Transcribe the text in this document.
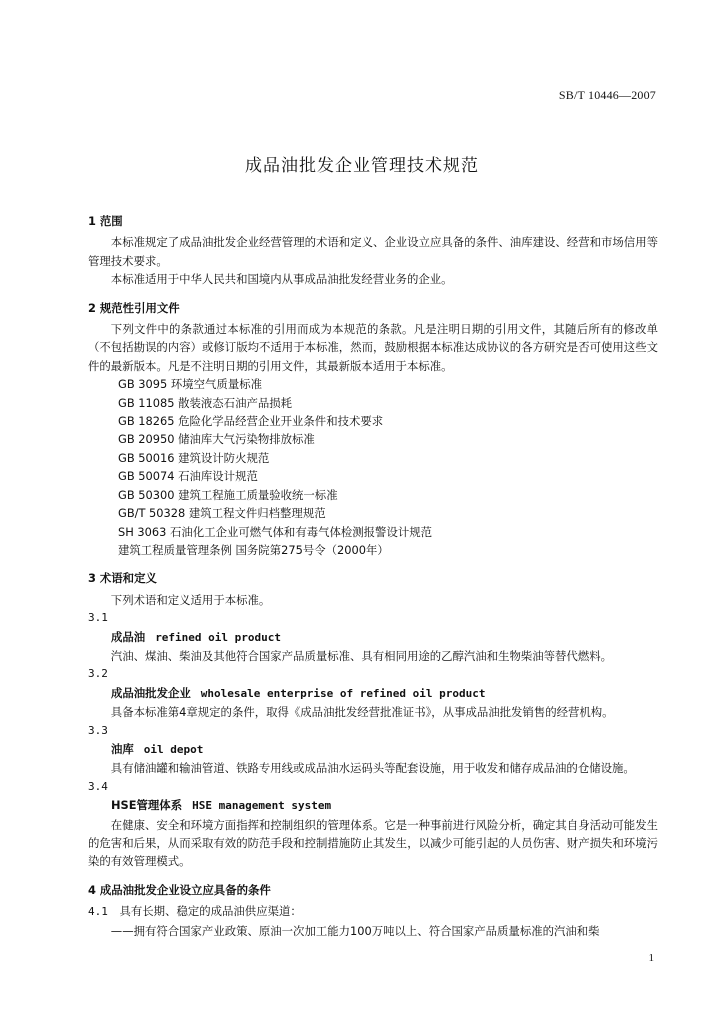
SB/T 10446—2007
成品油批发企业管理技术规范
1 范围

本标准规定了成品油批发企业经营管理的术语和定义、企业设立应具备的条件、油库建设、经营和市场信用等管理技术要求。

本标准适用于中华人民共和国境内从事成品油批发经营业务的企业。

2 规范性引用文件

下列文件中的条款通过本标准的引用而成为本规范的条款。凡是注明日期的引用文件，其随后所有的修改单（不包括勘误的内容）或修订版均不适用于本标准，然而，鼓励根据本标准达成协议的各方研究是否可使用这些文件的最新版本。凡是不注明日期的引用文件，其最新版本适用于本标准。

GB 3095 环境空气质量标准
GB 11085 散装液态石油产品损耗
GB 18265 危险化学品经营企业开业条件和技术要求
GB 20950 储油库大气污染物排放标准
GB 50016 建筑设计防火规范
GB 50074 石油库设计规范
GB 50300 建筑工程施工质量验收统一标准
GB/T 50328 建筑工程文件归档整理规范
SH 3063 石油化工企业可燃气体和有毒气体检测报警设计规范
建筑工程质量管理条例 国务院第275号令（2000年）
3 术语和定义

下列术语和定义适用于本标准。

3.1
成品油 refined oil product

汽油、煤油、柴油及其他符合国家产品质量标准、具有相同用途的乙醇汽油和生物柴油等替代燃料。

3.2
成品油批发企业 wholesale enterprise of refined oil product

具备本标准第4章规定的条件，取得《成品油批发经营批准证书》，从事成品油批发销售的经营机构。

3.3
油库 oil depot

具有储油罐和输油管道、铁路专用线或成品油水运码头等配套设施，用于收发和储存成品油的仓储设施。

3.4
HSE管理体系 HSE management system

在健康、安全和环境方面指挥和控制组织的管理体系。它是一种事前进行风险分析，确定其自身活动可能发生的危害和后果，从而采取有效的防范手段和控制措施防止其发生，以减少可能引起的人员伤害、财产损失和环境污染的有效管理模式。

4 成品油批发企业设立应具备的条件
4.1 具有长期、稳定的成品油供应渠道：

——拥有符合国家产业政策、原油一次加工能力100万吨以上、符合国家产品质量标准的汽油和柴

1
